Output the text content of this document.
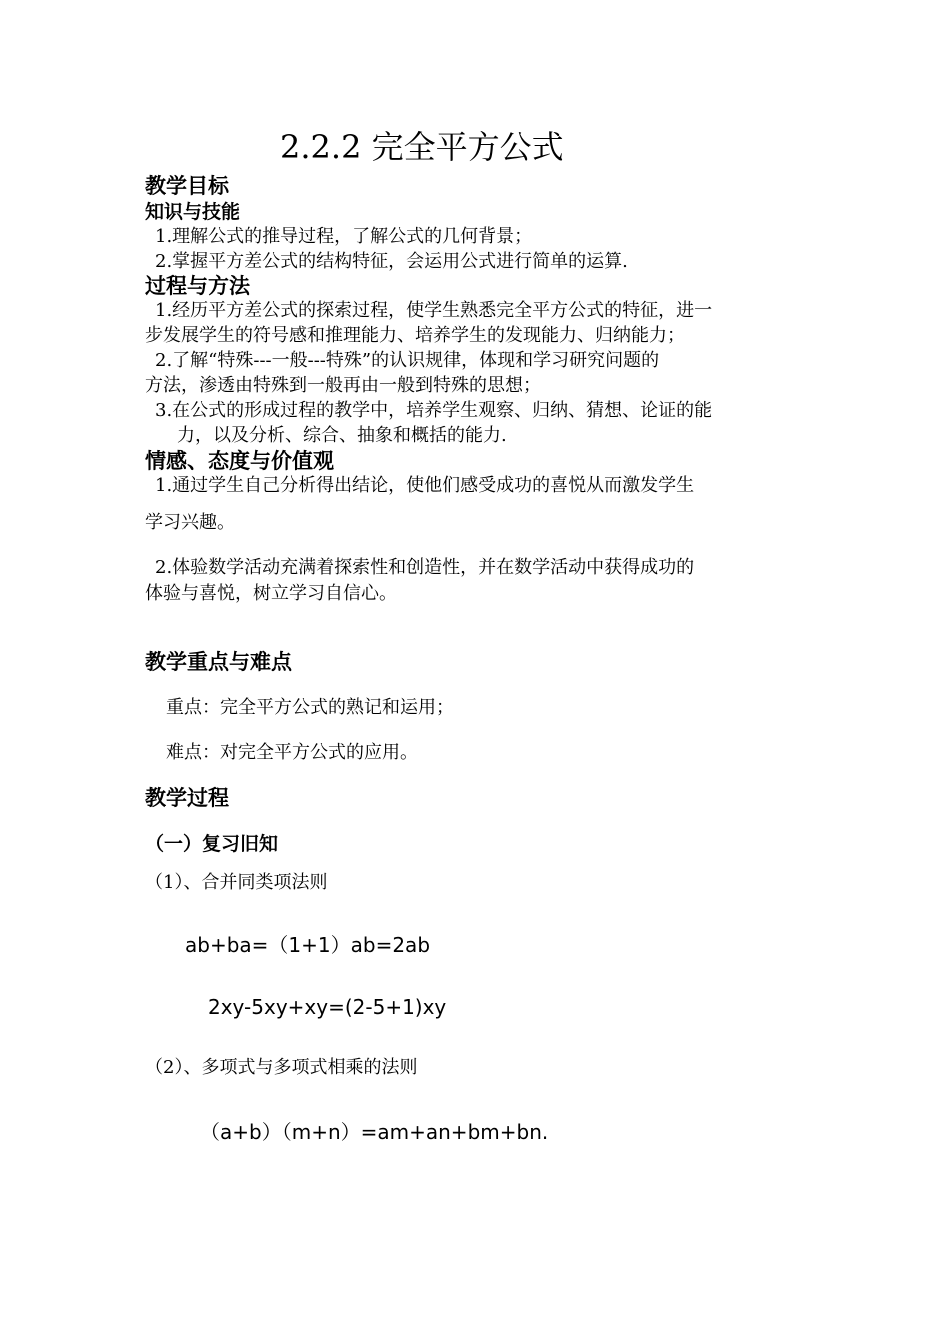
2.2.2 完全平方公式
教学目标
知识与技能
1.理解公式的推导过程，了解公式的几何背景；
2.掌握平方差公式的结构特征，会运用公式进行简单的运算.
过程与方法
1.经历平方差公式的探索过程，使学生熟悉完全平方公式的特征，进一
步发展学生的符号感和推理能力、培养学生的发现能力、归纳能力；
2.了解“特殊---一般---特殊”的认识规律，体现和学习研究问题的
方法，渗透由特殊到一般再由一般到特殊的思想；
3.在公式的形成过程的教学中，培养学生观察、归纳、猜想、论证的能
力，以及分析、综合、抽象和概括的能力.
情感、态度与价值观
1.通过学生自己分析得出结论，使他们感受成功的喜悦从而激发学生
学习兴趣。
2.体验数学活动充满着探索性和创造性，并在数学活动中获得成功的
体验与喜悦，树立学习自信心。
教学重点与难点
重点：完全平方公式的熟记和运用；
难点：对完全平方公式的应用。
教学过程
（一）复习旧知
（1）、合并同类项法则
ab+ba=（1+1）ab=2ab
2xy-5xy+xy=(2-5+1)xy
（2）、多项式与多项式相乘的法则
（a+b）（m+n）=am+an+bm+bn.
